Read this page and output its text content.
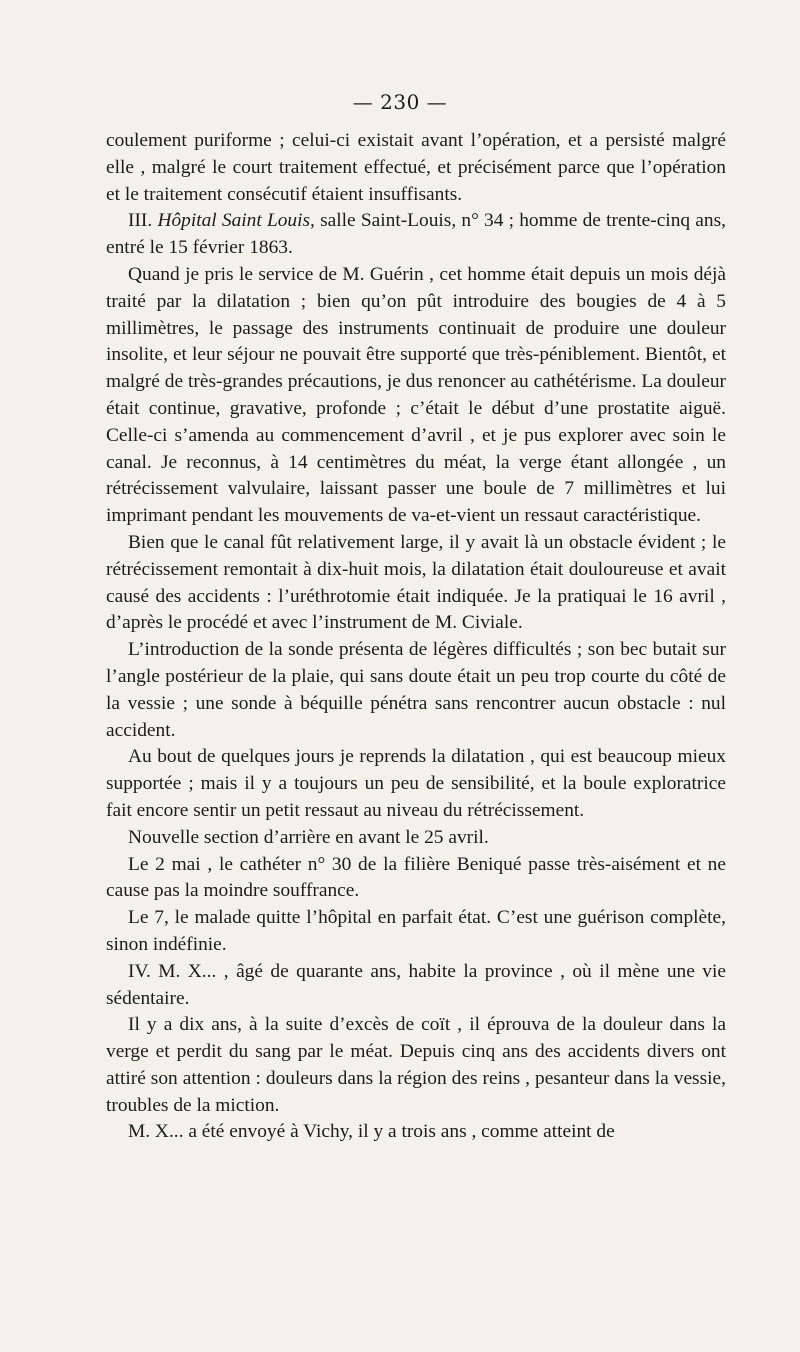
— 230 —

coulement puriforme ; celui-ci existait avant l’opération, et a persisté malgré elle , malgré le court traitement effectué, et précisément parce que l’opération et le traitement consécutif étaient insuffisants.

III. Hôpital Saint Louis, salle Saint-Louis, n° 34 ; homme de trente-cinq ans, entré le 15 février 1863.

Quand je pris le service de M. Guérin , cet homme était depuis un mois déjà traité par la dilatation ; bien qu’on pût introduire des bougies de 4 à 5 millimètres, le passage des instruments continuait de produire une douleur insolite, et leur séjour ne pouvait être supporté que très-péniblement. Bientôt, et malgré de très-grandes précautions, je dus renoncer au cathétérisme. La douleur était continue, gravative, profonde ; c’était le début d’une prostatite aiguë. Celle-ci s’amenda au commencement d’avril , et je pus explorer avec soin le canal. Je reconnus, à 14 centimètres du méat, la verge étant allongée , un rétrécissement valvulaire, laissant passer une boule de 7 millimètres et lui imprimant pendant les mouvements de va-et-vient un ressaut caractéristique.

Bien que le canal fût relativement large, il y avait là un obstacle évident ; le rétrécissement remontait à dix-huit mois, la dilatation était douloureuse et avait causé des accidents : l’uréthrotomie était indiquée. Je la pratiquai le 16 avril , d’après le procédé et avec l’instrument de M. Civiale.

L’introduction de la sonde présenta de légères difficultés ; son bec butait sur l’angle postérieur de la plaie, qui sans doute était un peu trop courte du côté de la vessie ; une sonde à béquille pénétra sans rencontrer aucun obstacle : nul accident.

Au bout de quelques jours je reprends la dilatation , qui est beaucoup mieux supportée ; mais il y a toujours un peu de sensibilité, et la boule exploratrice fait encore sentir un petit ressaut au niveau du rétrécissement.

Nouvelle section d’arrière en avant le 25 avril.

Le 2 mai , le cathéter n° 30 de la filière Beniqué passe très-aisément et ne cause pas la moindre souffrance.

Le 7, le malade quitte l’hôpital en parfait état. C’est une guérison complète, sinon indéfinie.

IV. M. X... , âgé de quarante ans, habite la province , où il mène une vie sédentaire.

Il y a dix ans, à la suite d’excès de coït , il éprouva de la douleur dans la verge et perdit du sang par le méat. Depuis cinq ans des accidents divers ont attiré son attention : douleurs dans la région des reins , pesanteur dans la vessie, troubles de la miction.

M. X... a été envoyé à Vichy, il y a trois ans , comme atteint de
